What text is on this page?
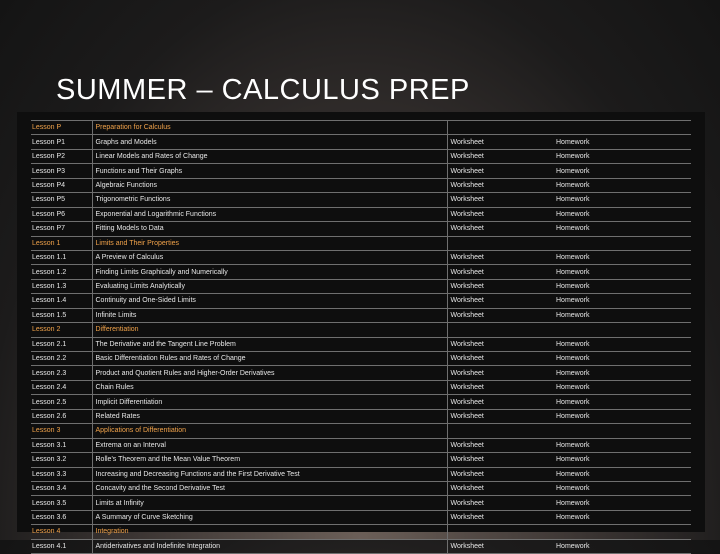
SUMMER – CALCULUS PREP
Lesson P	Preparation for Calculus		
Lesson P1	Graphs and Models	Worksheet	Homework
Lesson P2	Linear Models and Rates of Change	Worksheet	Homework
Lesson P3	Functions and Their Graphs	Worksheet	Homework
Lesson P4	Algebraic Functions	Worksheet	Homework
Lesson P5	Trigonometric Functions	Worksheet	Homework
Lesson P6	Exponential and Logarithmic Functions	Worksheet	Homework
Lesson P7	Fitting Models to Data	Worksheet	Homework
Lesson 1	Limits and Their Properties		
Lesson 1.1	A Preview of Calculus	Worksheet	Homework
Lesson 1.2	Finding Limits Graphically and Numerically	Worksheet	Homework
Lesson 1.3	Evaluating Limits Analytically	Worksheet	Homework
Lesson 1.4	Continuity and One-Sided Limits	Worksheet	Homework
Lesson 1.5	Infinite Limits	Worksheet	Homework
Lesson 2	Differentiation		
Lesson 2.1	The Derivative and the Tangent Line Problem	Worksheet	Homework
Lesson 2.2	Basic Differentiation Rules and Rates of Change	Worksheet	Homework
Lesson 2.3	Product and Quotient Rules and Higher-Order Derivatives	Worksheet	Homework
Lesson 2.4	Chain Rules	Worksheet	Homework
Lesson 2.5	Implicit Differentiation	Worksheet	Homework
Lesson 2.6	Related Rates	Worksheet	Homework
Lesson 3	Applications of Differentiation		
Lesson 3.1	Extrema on an Interval	Worksheet	Homework
Lesson 3.2	Rolle's Theorem and the Mean Value Theorem	Worksheet	Homework
Lesson 3.3	Increasing and Decreasing Functions and the First Derivative Test	Worksheet	Homework
Lesson 3.4	Concavity and the Second Derivative Test	Worksheet	Homework
Lesson 3.5	Limits at Infinity	Worksheet	Homework
Lesson 3.6	A Summary of Curve Sketching	Worksheet	Homework
Lesson 4	Integration		
Lesson 4.1	Antiderivatives and Indefinite Integration	Worksheet	Homework
